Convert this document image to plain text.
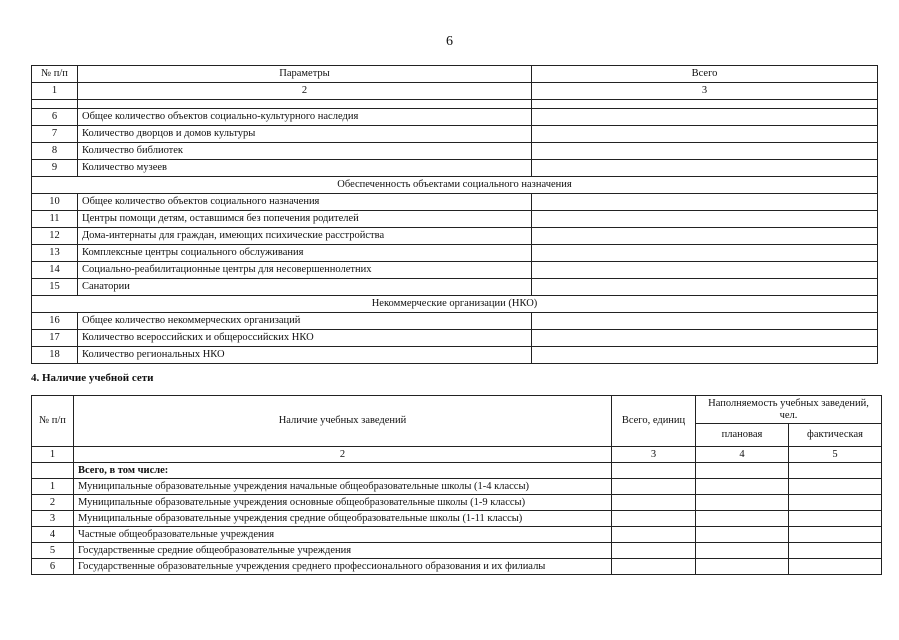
6
№ п/п	Параметры	Всего
1	2	3

6	Общее количество объектов социально-культурного наследия	
7	Количество дворцов и домов культуры	
8	Количество библиотек	
9	Количество музеев	
Обеспеченность объектами социального назначения		
10	Общее количество объектов социального назначения	
11	Центры помощи детям, оставшимся без попечения родителей	
12	Дома-интернаты для граждан, имеющих психические расстройства	
13	Комплексные центры социального обслуживания	
14	Социально-реабилитационные центры для несовершеннолетних	
15	Санатории	
Некоммерческие организации (НКО)		
16	Общее количество некоммерческих организаций	
17	Количество всероссийских и общероссийских НКО	
18	Количество региональных НКО	
4. Наличие учебной сети
№ п/п	Наличие учебных заведений	Всего, единиц	Наполняемость учебных заведений, чел.	
			плановая	фактическая
1	2	3	4	5
	Всего, в том числе:			
1	Муниципальные образовательные учреждения начальные общеобразовательные школы (1-4 классы)			
2	Муниципальные образовательные учреждения основные общеобразовательные школы (1-9 классы)			
3	Муниципальные образовательные учреждения средние общеобразовательные школы (1-11 классы)			
4	Частные общеобразовательные учреждения			
5	Государственные средние общеобразовательные учреждения			
6	Государственные образовательные учреждения среднего профессионального образования и их филиалы			
